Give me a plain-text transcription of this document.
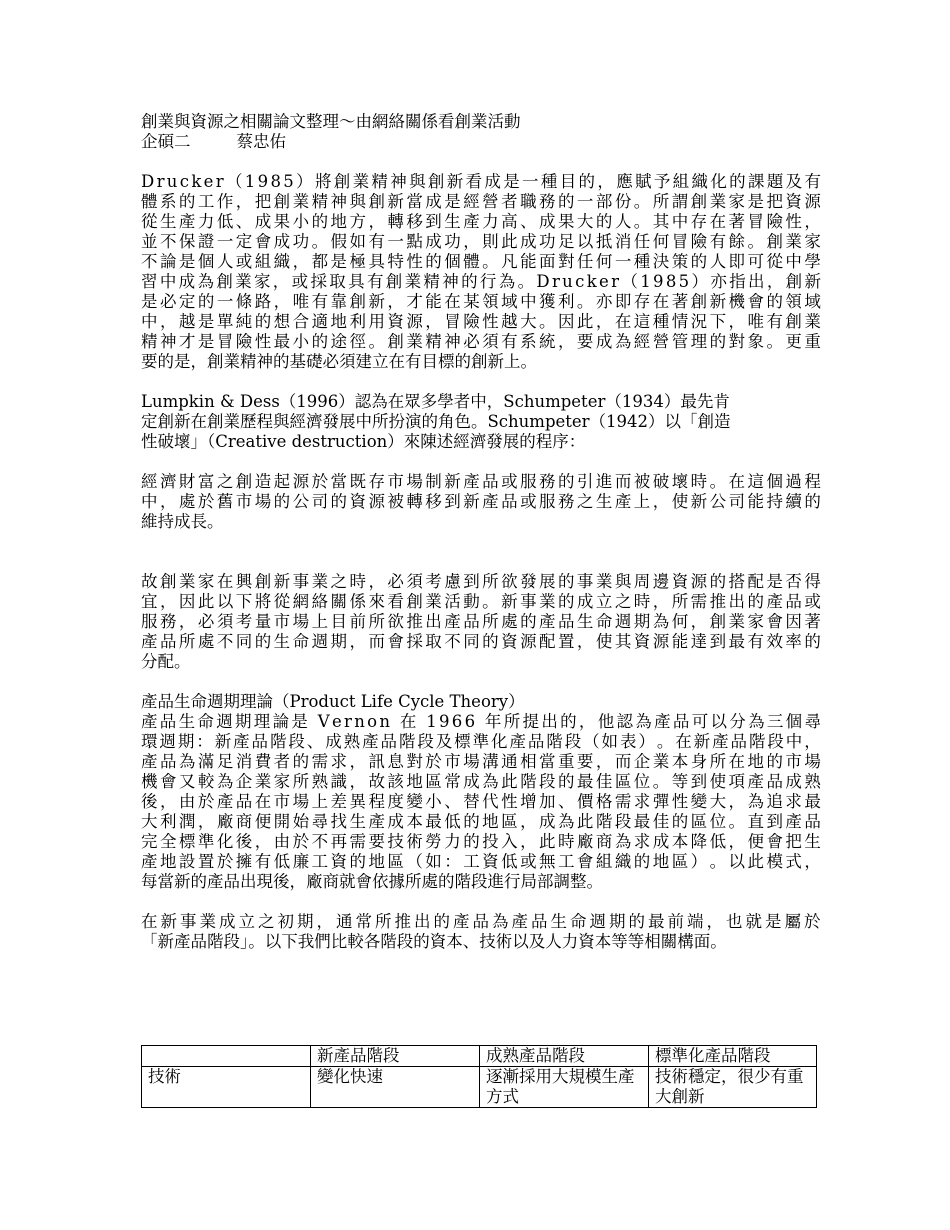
創業與資源之相關論文整理～由網絡關係看創業活動
企碩二	蔡忠佑
D r u c k e r （ 1 9 8 5 ） 將 創 業 精 神 與 創 新 看 成 是 一 種 目 的 ， 應 賦 予 組 織 化 的 課 題 及 有
體 系 的 工 作 ， 把 創 業 精 神 與 創 新 當 成 是 經 營 者 職 務 的 一 部 份 。 所 謂 創 業 家 是 把 資 源
從 生 產 力 低 、 成 果 小 的 地 方 ， 轉 移 到 生 產 力 高 、 成 果 大 的 人 。 其 中 存 在 著 冒 險 性 ，
並 不 保 證 一 定 會 成 功 。 假 如 有 一 點 成 功 ， 則 此 成 功 足 以 抵 消 任 何 冒 險 有 餘 。 創 業 家
不 論 是 個 人 或 組 織 ， 都 是 極 具 特 性 的 個 體 。 凡 能 面 對 任 何 一 種 決 策 的 人 即 可 從 中 學
習 中 成 為 創 業 家 ， 或 採 取 具 有 創 業 精 神 的 行 為 。 D r u c k e r （ 1 9 8 5 ） 亦 指 出 ， 創 新
是 必 定 的 一 條 路 ， 唯 有 靠 創 新 ， 才 能 在 某 領 域 中 獲 利 。 亦 即 存 在 著 創 新 機 會 的 領 域
中 ， 越 是 單 純 的 想 合 適 地 利 用 資 源 ， 冒 險 性 越 大 。 因 此 ， 在 這 種 情 況 下 ， 唯 有 創 業
精 神 才 是 冒 險 性 最 小 的 途 徑 。 創 業 精 神 必 須 有 系 統 ， 要 成 為 經 營 管 理 的 對 象 。 更 重
要的是，創業精神的基礎必須建立在有目標的創新上。
Lumpkin & Dess（1996）認為在眾多學者中，Schumpeter（1934）最先肯
定創新在創業歷程與經濟發展中所扮演的角色。Schumpeter（1942）以「創造
性破壞」（Creative destruction）來陳述經濟發展的程序：
經 濟 財 富 之 創 造 起 源 於 當 既 存 市 場 制 新 產 品 或 服 務 的 引 進 而 被 破 壞 時 。 在 這 個 過 程
中 ， 處 於 舊 市 場 的 公 司 的 資 源 被 轉 移 到 新 產 品 或 服 務 之 生 產 上 ， 使 新 公 司 能 持 續 的
維持成長。
故 創 業 家 在 興 創 新 事 業 之 時 ， 必 須 考 慮 到 所 欲 發 展 的 事 業 與 周 邊 資 源 的 搭 配 是 否 得
宜 ， 因 此 以 下 將 從 網 絡 關 係 來 看 創 業 活 動 。 新 事 業 的 成 立 之 時 ， 所 需 推 出 的 產 品 或
服 務 ， 必 須 考 量 市 場 上 目 前 所 欲 推 出 產 品 所 處 的 產 品 生 命 週 期 為 何 ， 創 業 家 會 因 著
產 品 所 處 不 同 的 生 命 週 期 ， 而 會 採 取 不 同 的 資 源 配 置 ， 使 其 資 源 能 達 到 最 有 效 率 的
分配。
產品生命週期理論（Product Life Cycle Theory）
產 品 生 命 週 期 理 論 是
V e r n o n
在
1 9 6 6
年 所 提 出 的 ， 他 認 為 產 品 可 以 分 為 三 個 尋
環 週 期 ： 新 產 品 階 段 、 成 熟 產 品 階 段 及 標 準 化 產 品 階 段 （ 如 表 ） 。 在 新 產 品 階 段 中 ，
產 品 為 滿 足 消 費 者 的 需 求 ， 訊 息 對 於 市 場 溝 通 相 當 重 要 ， 而 企 業 本 身 所 在 地 的 市 場
機 會 又 較 為 企 業 家 所 熟 識 ， 故 該 地 區 常 成 為 此 階 段 的 最 佳 區 位 。 等 到 使 項 產 品 成 熟
後 ， 由 於 產 品 在 市 場 上 差 異 程 度 變 小 、 替 代 性 增 加 、 價 格 需 求 彈 性 變 大 ， 為 追 求 最
大 利 潤 ， 廠 商 便 開 始 尋 找 生 產 成 本 最 低 的 地 區 ， 成 為 此 階 段 最 佳 的 區 位 。 直 到 產 品
完 全 標 準 化 後 ， 由 於 不 再 需 要 技 術 勞 力 的 投 入 ， 此 時 廠 商 為 求 成 本 降 低 ， 便 會 把 生
產 地 設 置 於 擁 有 低 廉 工 資 的 地 區 （ 如 ： 工 資 低 或 無 工 會 組 織 的 地 區 ） 。 以 此 模 式 ，
每當新的產品出現後，廠商就會依據所處的階段進行局部調整。
在 新 事 業 成 立 之 初 期 ， 通 常 所 推 出 的 產 品 為 產 品 生 命 週 期 的 最 前 端 ， 也 就 是 屬 於
「新產品階段」。以下我們比較各階段的資本、技術以及人力資本等等相關構面。
	新產品階段	成熟產品階段	標準化產品階段
技術	變化快速	逐漸採用大規模生產方式	技術穩定，很少有重大創新
